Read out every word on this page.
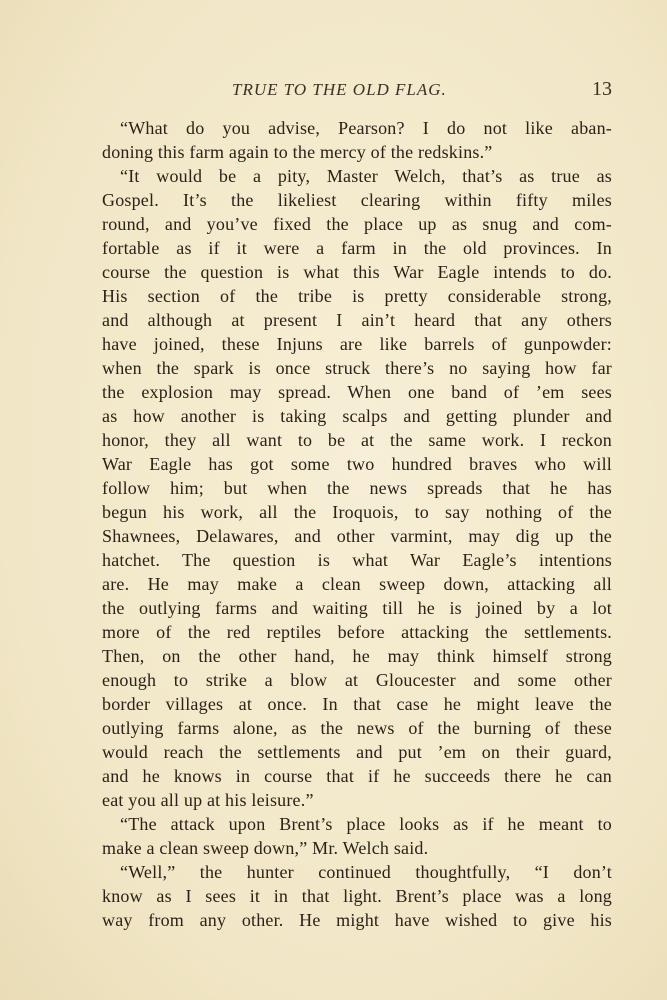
TRUE TO THE OLD FLAG.	13
“What do you advise, Pearson? I do not like aban-
doning this farm again to the mercy of the redskins.”
“It would be a pity, Master Welch, that’s as true as
Gospel. It’s the likeliest clearing within fifty miles
round, and you’ve fixed the place up as snug and com-
fortable as if it were a farm in the old provinces. In
course the question is what this War Eagle intends to do.
His section of the tribe is pretty considerable strong,
and although at present I ain’t heard that any others
have joined, these Injuns are like barrels of gunpowder:
when the spark is once struck there’s no saying how far
the explosion may spread. When one band of ’em sees
as how another is taking scalps and getting plunder and
honor, they all want to be at the same work. I reckon
War Eagle has got some two hundred braves who will
follow him; but when the news spreads that he has
begun his work, all the Iroquois, to say nothing of the
Shawnees, Delawares, and other varmint, may dig up the
hatchet. The question is what War Eagle’s intentions
are. He may make a clean sweep down, attacking all
the outlying farms and waiting till he is joined by a lot
more of the red reptiles before attacking the settlements.
Then, on the other hand, he may think himself strong
enough to strike a blow at Gloucester and some other
border villages at once. In that case he might leave the
outlying farms alone, as the news of the burning of these
would reach the settlements and put ’em on their guard,
and he knows in course that if he succeeds there he can
eat you all up at his leisure.”
“The attack upon Brent’s place looks as if he meant to
make a clean sweep down,” Mr. Welch said.
“Well,” the hunter continued thoughtfully, “I don’t
know as I sees it in that light. Brent’s place was a long
way from any other. He might have wished to give his
